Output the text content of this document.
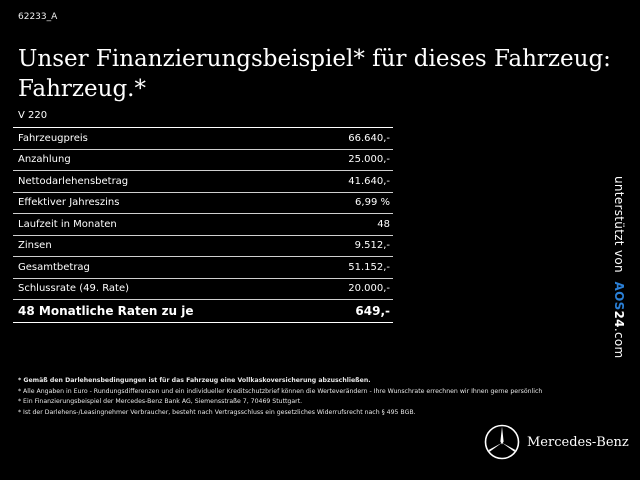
62233_A
Unser Finanzierungsbeispiel* für dieses Fahrzeug: Fahrzeug.*
V 220
Fahrzeugpreis	66.640,-
Anzahlung	25.000,-
Nettodarlehensbetrag	41.640,-
Effektiver Jahreszins	6,99 %
Laufzeit in Monaten	48
Zinsen	9.512,-
Gesamtbetrag	51.152,-
Schlussrate (49. Rate)	20.000,-
48 Monatliche Raten zu je	649,-
unterstützt von  AOS24.com
* Gemäß den Darlehensbedingungen ist für das Fahrzeug eine Vollkaskoversicherung abzuschließen.
* Alle Angaben in Euro - Rundungsdifferenzen und ein individueller Kreditschutzbrief können die Werteverändern - Ihre Wunschrate errechnen wir Ihnen gerne persönlich
* Ein Finanzierungsbeispiel der Mercedes-Benz Bank AG, Siemensstraße 7, 70469 Stuttgart.
* Ist der Darlehens-/Leasingnehmer Verbraucher, besteht nach Vertragsschluss ein gesetzliches Widerrufsrecht nach § 495 BGB.
Mercedes-Benz
